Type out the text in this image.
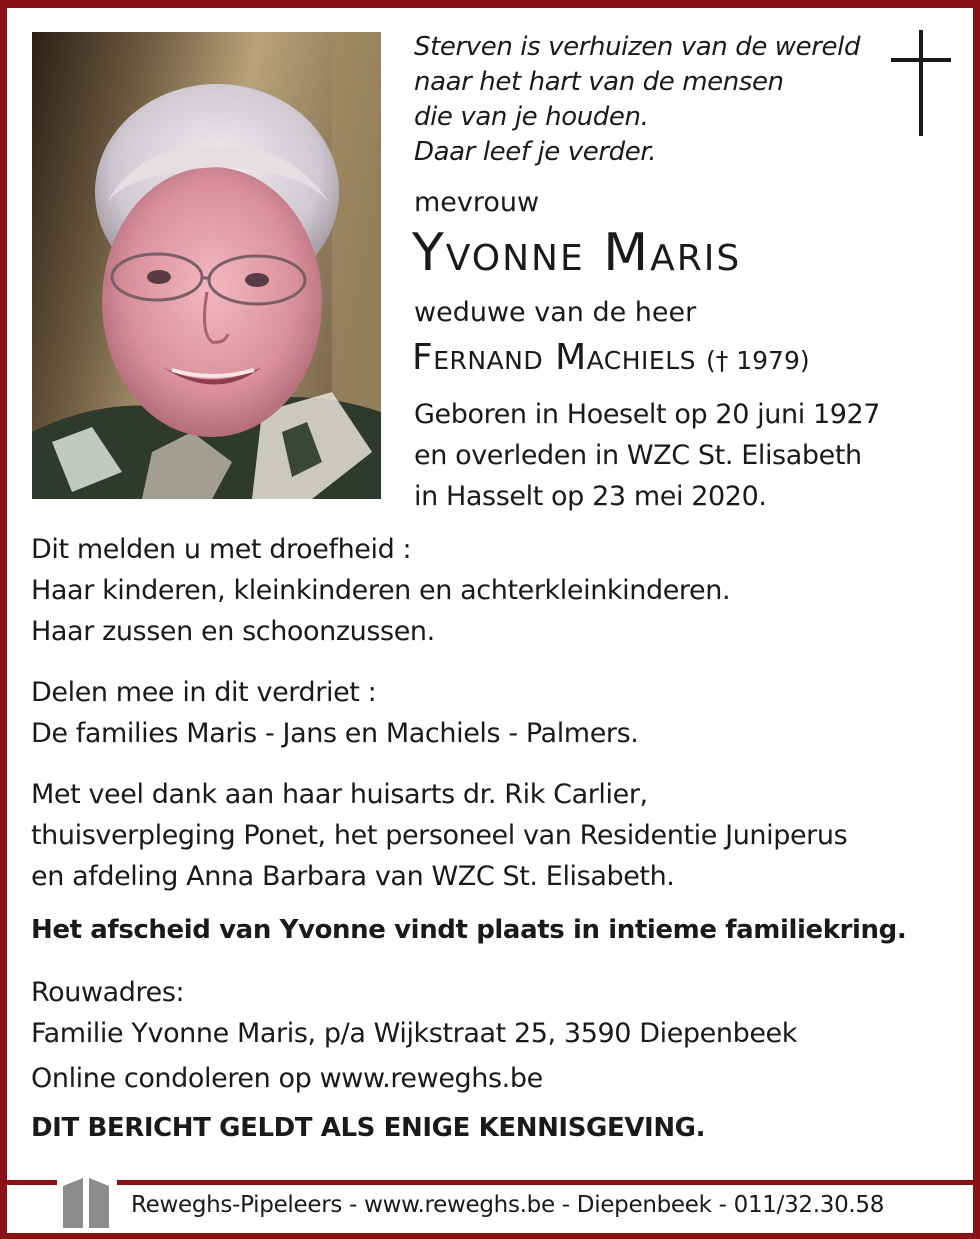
Sterven is verhuizen van de wereld
naar het hart van de mensen
die van je houden.
Daar leef je verder.
mevrouw
Yvonne Maris
weduwe van de heer
Fernand Machiels († 1979)
Geboren in Hoeselt op 20 juni 1927
en overleden in WZC St. Elisabeth
in Hasselt op 23 mei 2020.
Dit melden u met droefheid :
Haar kinderen, kleinkinderen en achterkleinkinderen.
Haar zussen en schoonzussen.
Delen mee in dit verdriet :
De families Maris - Jans en Machiels - Palmers.
Met veel dank aan haar huisarts dr. Rik Carlier,
thuisverpleging Ponet, het personeel van Residentie Juniperus
en afdeling Anna Barbara van WZC St. Elisabeth.
Het afscheid van Yvonne vindt plaats in intieme familiekring.
Rouwadres:
Familie Yvonne Maris, p/a Wijkstraat 25, 3590 Diepenbeek
Online condoleren op www.reweghs.be
DIT BERICHT GELDT ALS ENIGE KENNISGEVING.
Reweghs-Pipeleers - www.reweghs.be - Diepenbeek - 011/32.30.58
